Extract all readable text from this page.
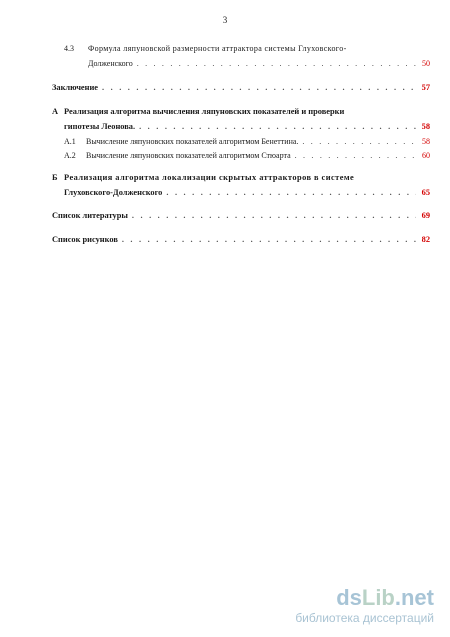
3
4.3 Формула ляпуновской размерности аттрактора системы Глуховского-
Долженского . . .	50
Заключение . . .	57
А Реализация алгоритма вычисления ляпуновских показателей и проверки
гипотезы Леонова. . . .	58
А.1	Вычисление ляпуновских показателей алгоритмом Бенеттина. . . .	58
А.2	Вычисление ляпуновских показателей алгоритмом Стюарта . . .	60
Б Реализация алгоритма локализации скрытых аттракторов в системе
Глуховского-Долженского . . .	65
Список литературы . . .	69
Список рисунков . . .	82
dsLib.net
библиотека диссертаций
